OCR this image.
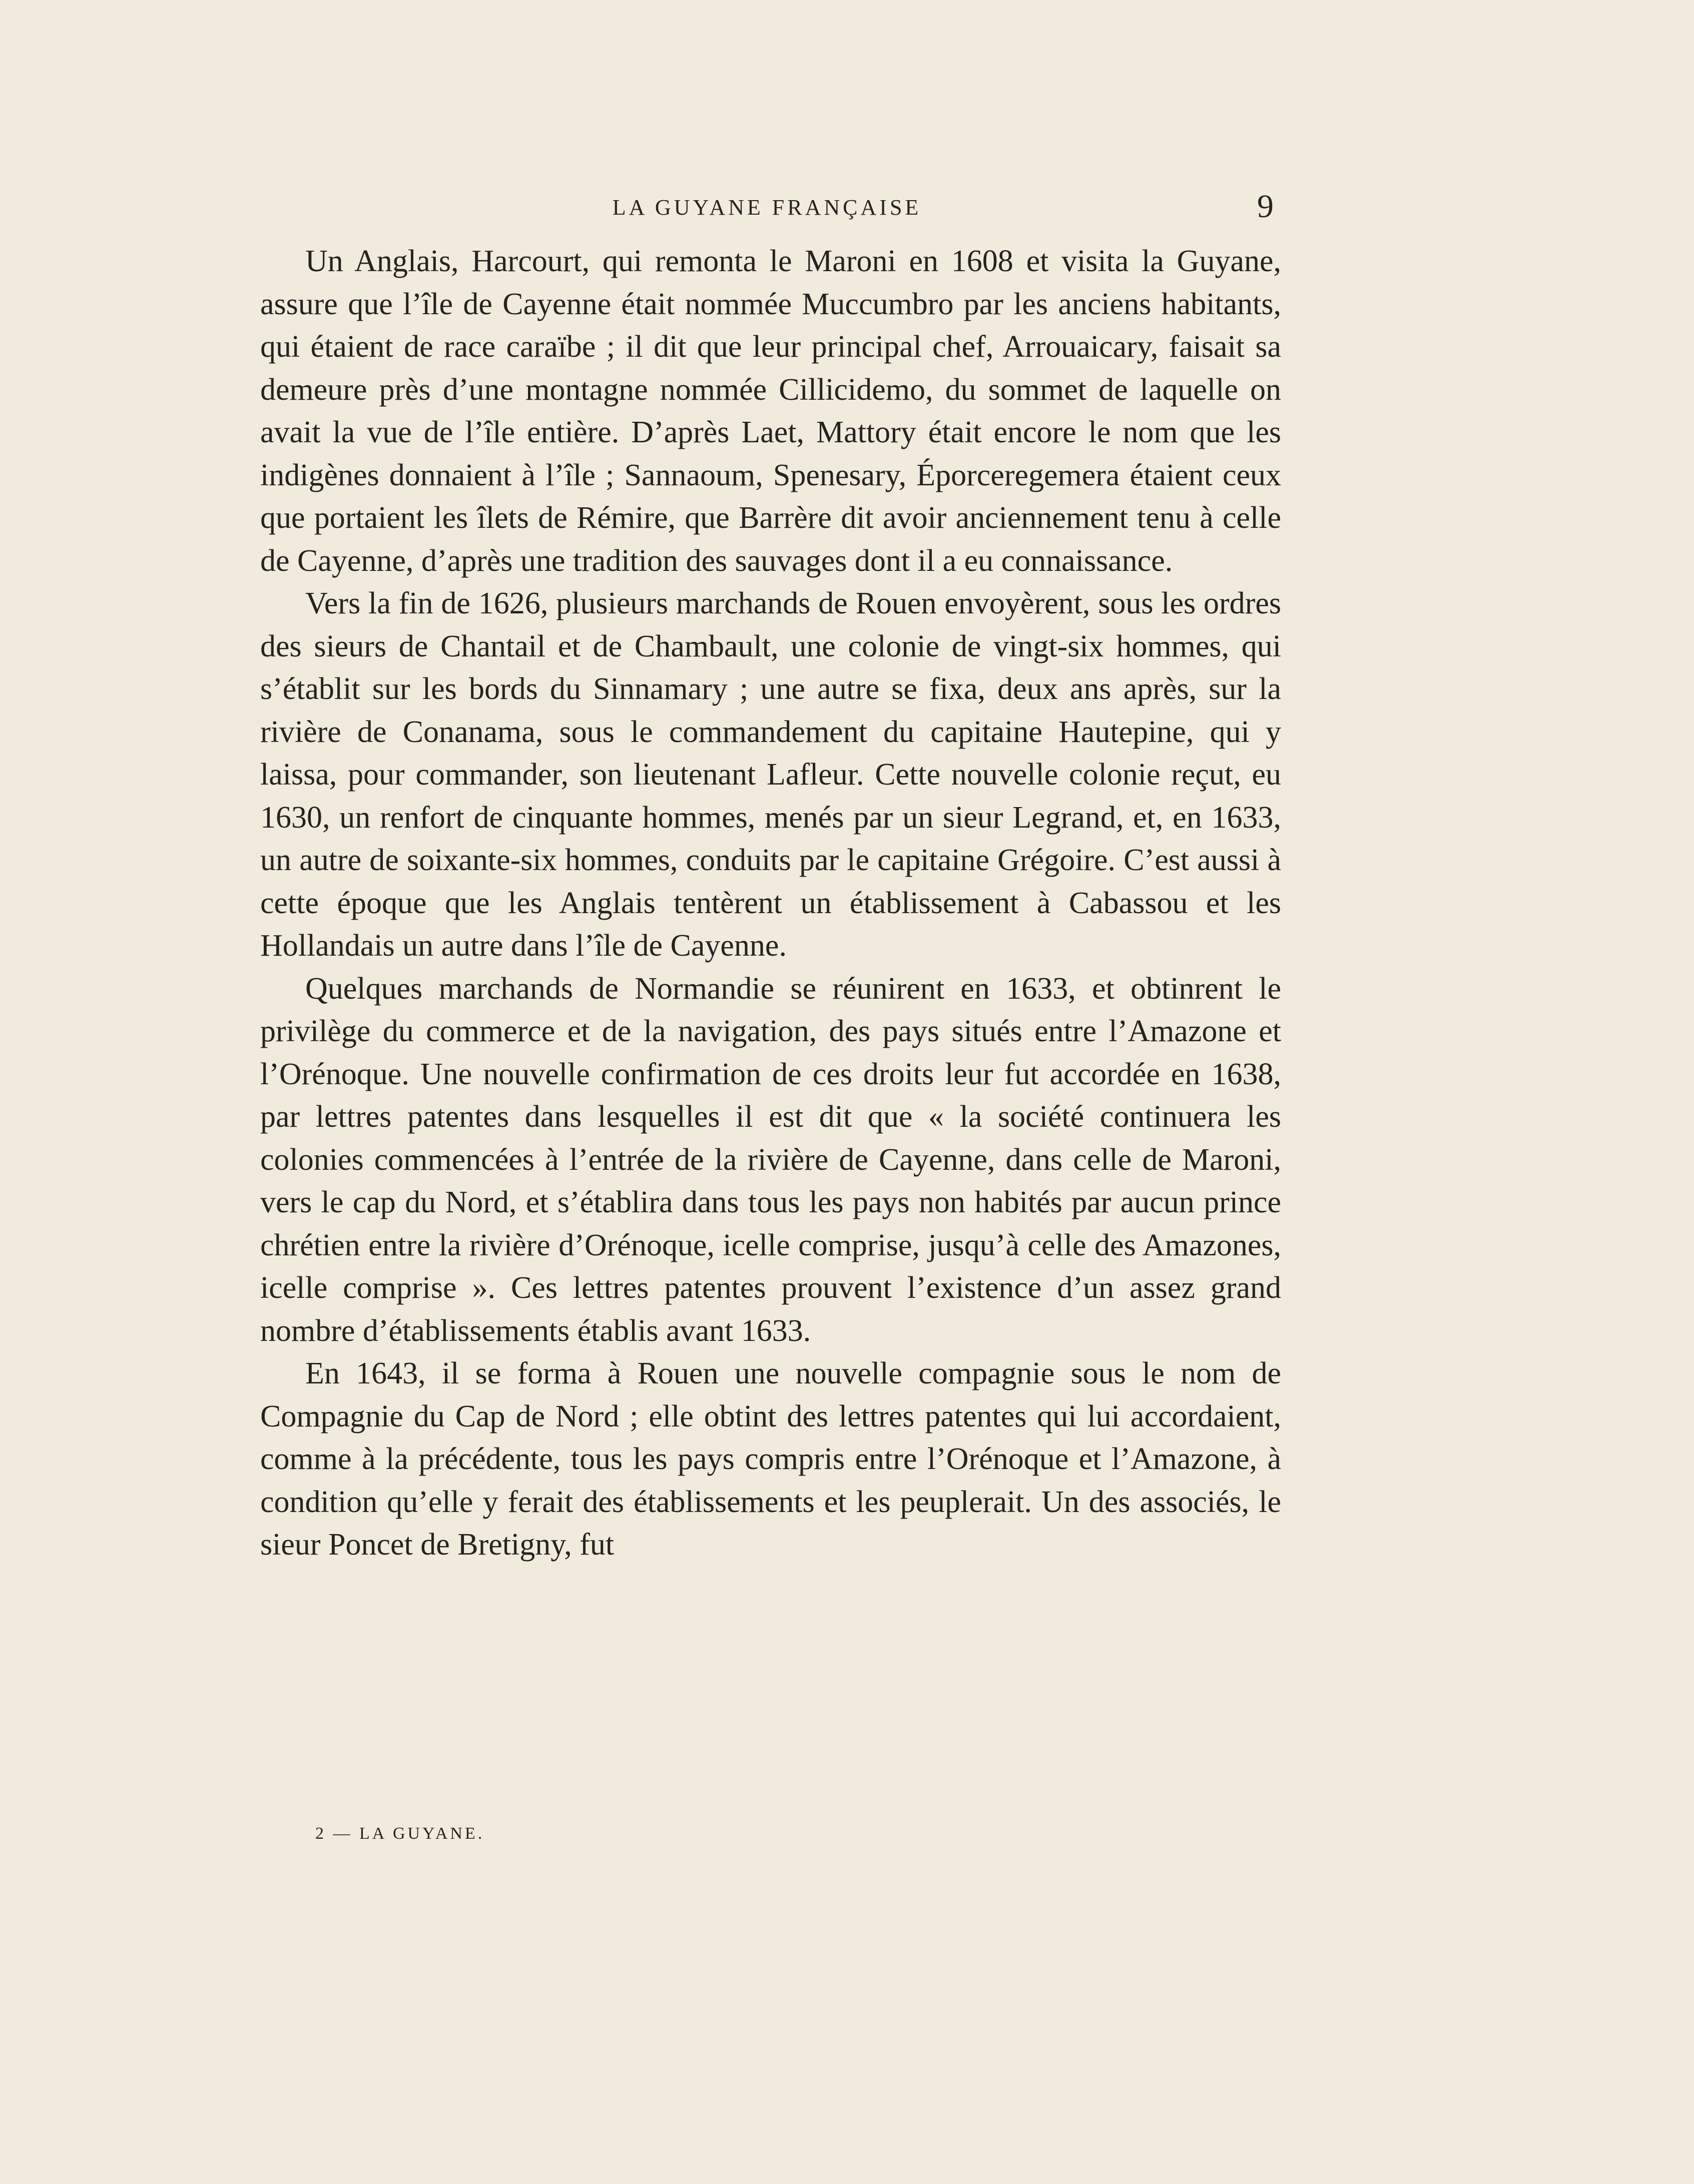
LA GUYANE FRANÇAISE	9

Un Anglais, Harcourt, qui remonta le Maroni en 1608 et visita la Guyane, assure que l’île de Cayenne était nommée Muccumbro par les anciens habitants, qui étaient de race caraïbe ; il dit que leur principal chef, Arrouaicary, faisait sa demeure près d’une montagne nommée Cillicidemo, du sommet de laquelle on avait la vue de l’île entière. D’après Laet, Mattory était encore le nom que les indigènes donnaient à l’île ; Sannaoum, Spenesary, Éporceregemera étaient ceux que portaient les îlets de Rémire, que Barrère dit avoir anciennement tenu à celle de Cayenne, d’après une tradition des sauvages dont il a eu connaissance.

Vers la fin de 1626, plusieurs marchands de Rouen envoyèrent, sous les ordres des sieurs de Chantail et de Chambault, une colonie de vingt-six hommes, qui s’établit sur les bords du Sinnamary ; une autre se fixa, deux ans après, sur la rivière de Conanama, sous le commandement du capitaine Hautepine, qui y laissa, pour commander, son lieutenant Lafleur. Cette nouvelle colonie reçut, eu 1630, un renfort de cinquante hommes, menés par un sieur Legrand, et, en 1633, un autre de soixante-six hommes, conduits par le capitaine Grégoire. C’est aussi à cette époque que les Anglais tentèrent un établissement à Cabassou et les Hollandais un autre dans l’île de Cayenne.

Quelques marchands de Normandie se réunirent en 1633, et obtinrent le privilège du commerce et de la navigation, des pays situés entre l’Amazone et l’Orénoque. Une nouvelle confirmation de ces droits leur fut accordée en 1638, par lettres patentes dans lesquelles il est dit que « la société continuera les colonies commencées à l’entrée de la rivière de Cayenne, dans celle de Maroni, vers le cap du Nord, et s’établira dans tous les pays non habités par aucun prince chrétien entre la rivière d’Orénoque, icelle comprise, jusqu’à celle des Amazones, icelle comprise ». Ces lettres patentes prouvent l’existence d’un assez grand nombre d’établissements établis avant 1633.

En 1643, il se forma à Rouen une nouvelle compagnie sous le nom de Compagnie du Cap de Nord ; elle obtint des lettres patentes qui lui accordaient, comme à la précédente, tous les pays compris entre l’Orénoque et l’Amazone, à condition qu’elle y ferait des établissements et les peuplerait. Un des associés, le sieur Poncet de Bretigny, fut

2 — LA GUYANE.
